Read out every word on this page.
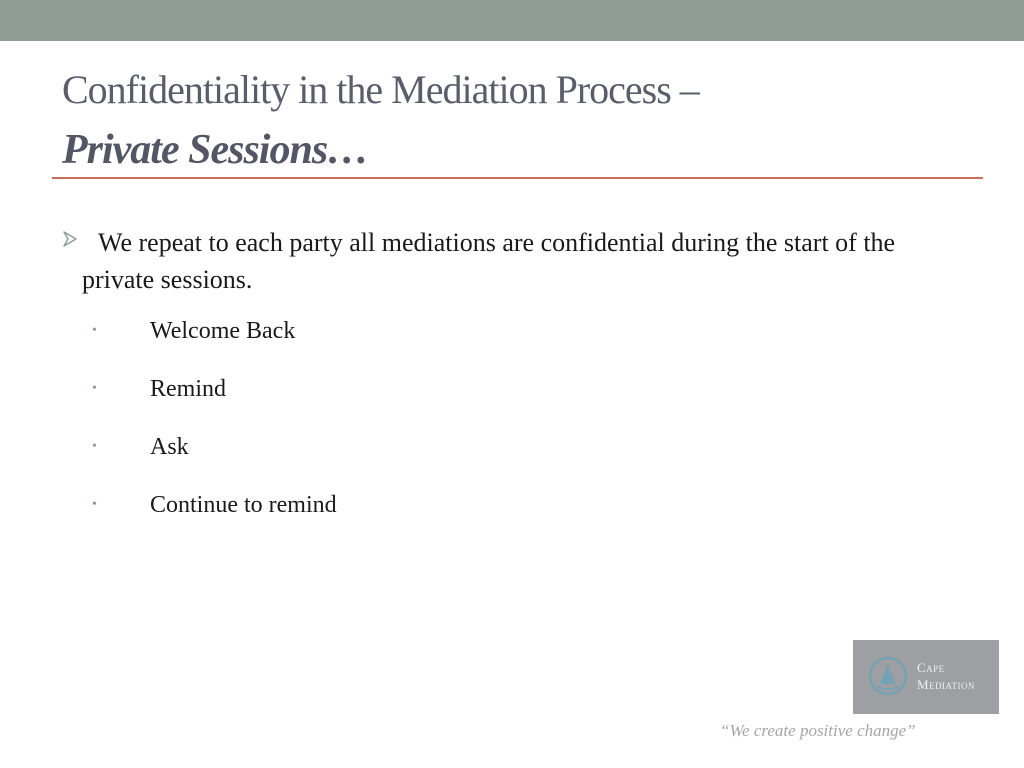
Confidentiality in the Mediation Process –
Private Sessions…

We repeat to each party all mediations are confidential during the start of the private sessions.

• Welcome Back
• Remind
• Ask
• Continue to remind
Cape
Mediation
“We create positive change”
